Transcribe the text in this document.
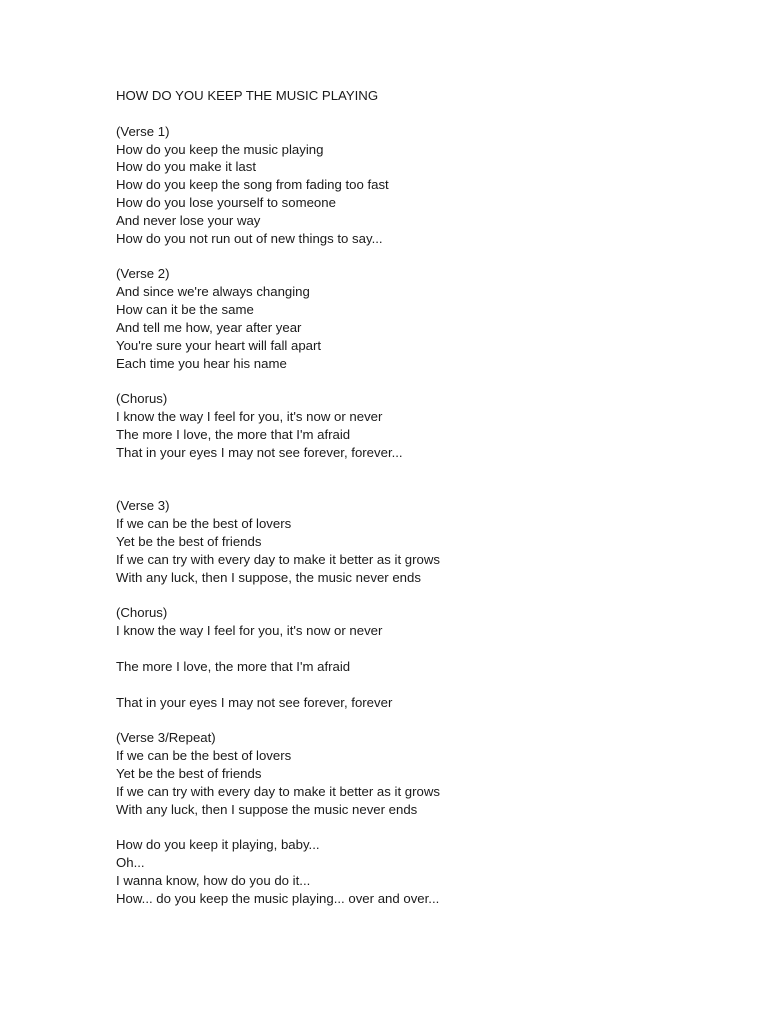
HOW DO YOU KEEP THE MUSIC PLAYING
(Verse 1)
How do you keep the music playing
How do you make it last
How do you keep the song from fading too fast
How do you lose yourself to someone
And never lose your way
How do you not run out of new things to say...
(Verse 2)
And since we're always changing
How can it be the same
And tell me how, year after year
You're sure your heart will fall apart
Each time you hear his name
(Chorus)
I know the way I feel for you, it's now or never
The more I love, the more that I'm afraid
That in your eyes I may not see forever, forever...
(Verse 3)
If we can be the best of lovers
Yet be the best of friends
If we can try with every day to make it better as it grows
With any luck, then I suppose, the music never ends
(Chorus)
I know the way I feel for you, it's now or never
The more I love, the more that I'm afraid
That in your eyes I may not see forever, forever
(Verse 3/Repeat)
If we can be the best of lovers
Yet be the best of friends
If we can try with every day to make it better as it grows
With any luck, then I suppose the music never ends
How do you keep it playing, baby...
Oh...
I wanna know, how do you do it...
How... do you keep the music playing... over and over...
